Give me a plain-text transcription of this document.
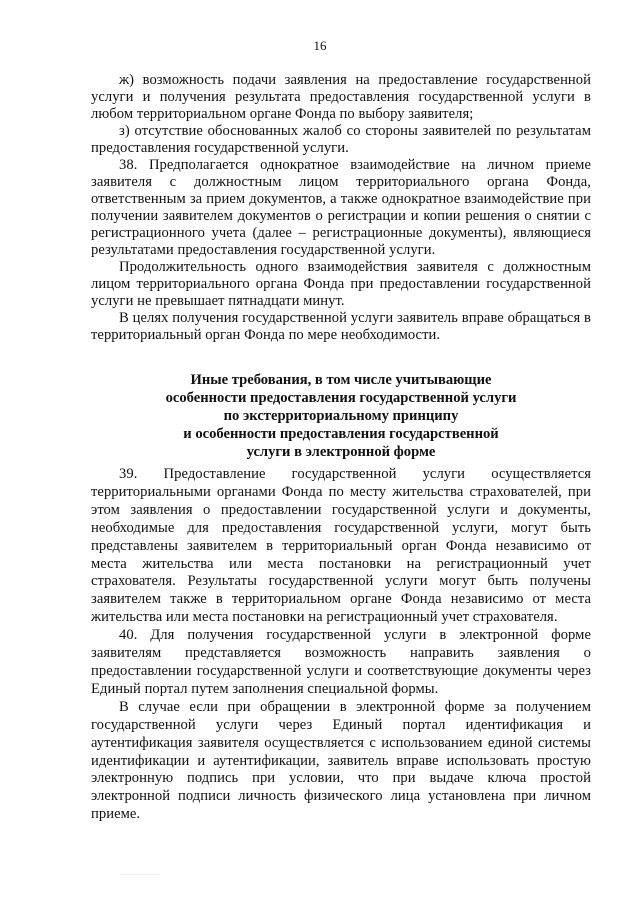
16

ж) возможность подачи заявления на предоставление государственной услуги и получения результата предоставления государственной услуги в любом территориальном органе Фонда по выбору заявителя;

з) отсутствие обоснованных жалоб со стороны заявителей по результатам предоставления государственной услуги.

38. Предполагается однократное взаимодействие на личном приеме заявителя с должностным лицом территориального органа Фонда, ответственным за прием документов, а также однократное взаимодействие при получении заявителем документов о регистрации и копии решения о снятии с регистрационного учета (далее – регистрационные документы), являющиеся результатами предоставления государственной услуги.

Продолжительность одного взаимодействия заявителя с должностным лицом территориального органа Фонда при предоставлении государственной услуги не превышает пятнадцати минут.

В целях получения государственной услуги заявитель вправе обращаться в территориальный орган Фонда по мере необходимости.

Иные требования, в том числе учитывающие
особенности предоставления государственной услуги
по экстерриториальному принципу
и особенности предоставления государственной
услуги в электронной форме

39. Предоставление государственной услуги осуществляется территориальными органами Фонда по месту жительства страхователей, при этом заявления о предоставлении государственной услуги и документы, необходимые для предоставления государственной услуги, могут быть представлены заявителем в территориальный орган Фонда независимо от места жительства или места постановки на регистрационный учет страхователя. Результаты государственной услуги могут быть получены заявителем также в территориальном органе Фонда независимо от места жительства или места постановки на регистрационный учет страхователя.

40. Для получения государственной услуги в электронной форме заявителям представляется возможность направить заявления о предоставлении государственной услуги и соответствующие документы через Единый портал путем заполнения специальной формы.

В случае если при обращении в электронной форме за получением государственной услуги через Единый портал идентификация и аутентификация заявителя осуществляется с использованием единой системы идентификации и аутентификации, заявитель вправе использовать простую электронную подпись при условии, что при выдаче ключа простой электронной подписи личность физического лица установлена при личном приеме.
